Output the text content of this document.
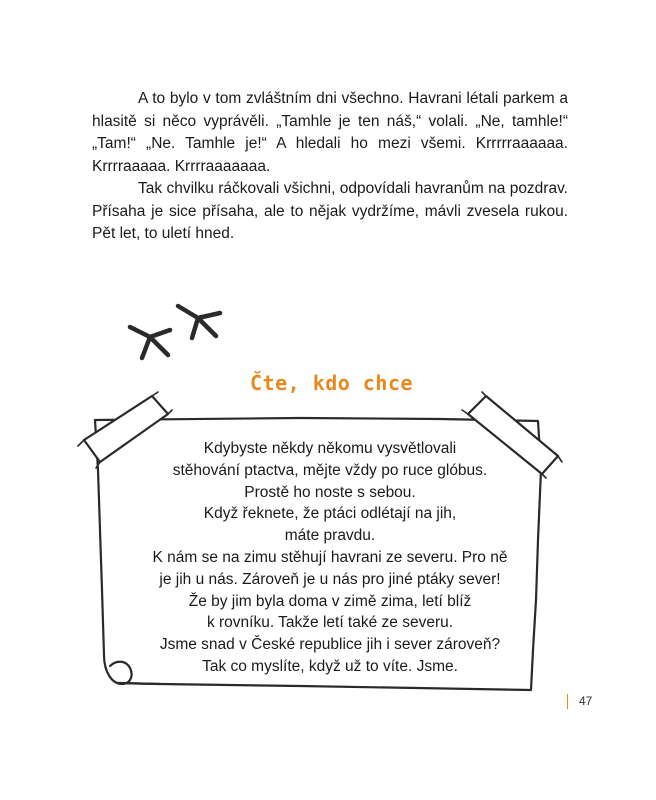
A to bylo v tom zvláštním dni všechno. Havrani létali parkem a hlasitě si něco vyprávěli. „Tamhle je ten náš,“ volali. „Ne, tamhle!“ „Tam!“ „Ne. Tamhle je!“ A hledali ho mezi všemi. Krrrrraaaaaa. Krrrraaaaa. Krrrraaaaaaa.

Tak chvilku ráčkovali všichni, odpovídali havranům na pozdrav. Přísaha je sice přísaha, ale to nějak vydržíme, mávli zvesela rukou. Pět let, to uletí hned.

Čte, kdo chce
Kdybyste někdy někomu vysvětlovali
stěhování ptactva, mějte vždy po ruce glóbus.
Prostě ho noste s sebou.
Když řeknete, že ptáci odlétají na jih,
máte pravdu.
K nám se na zimu stěhují havrani ze severu. Pro ně
je jih u nás. Zároveň je u nás pro jiné ptáky sever!
Že by jim byla doma v zimě zima, letí blíž
k rovníku. Takže letí také ze severu.
Jsme snad v České republice jih i sever zároveň?
Tak co myslíte, když už to víte. Jsme.
47
